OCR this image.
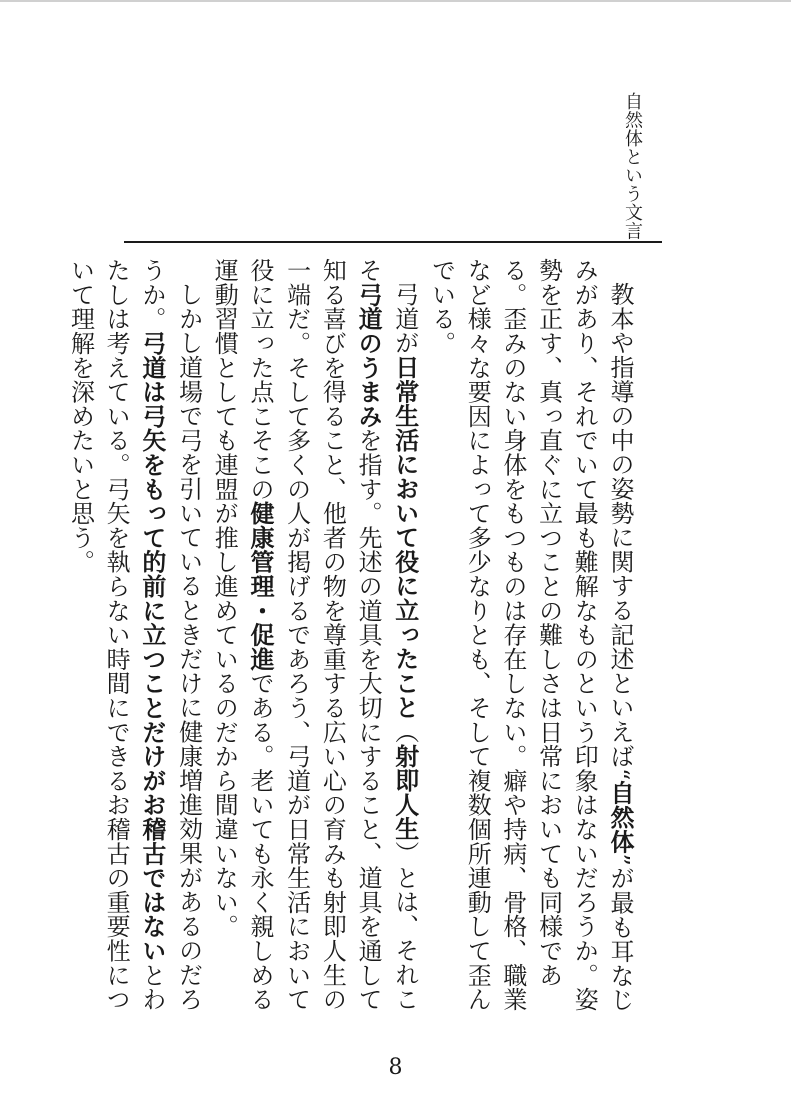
自然体という文言

教本や指導の中の姿勢に関する記述といえば“自然体”が最も耳なじみがあり、それでいて最も難解なものという印象はないだろうか。姿勢を正す、真っ直ぐに立つことの難しさは日常においても同様である。歪みのない身体をもつものは存在しない。癖や持病、骨格、職業など様々な要因によって多少なりとも、そして複数個所連動して歪んでいる。

弓道が日常生活において役に立ったこと（射即人生）とは、それこそ弓道のうまみを指す。先述の道具を大切にすること、道具を通して知る喜びを得ること、他者の物を尊重する広い心の育みも射即人生の一端だ。そして多くの人が掲げるであろう、弓道が日常生活において役に立った点こそこの健康管理・促進である。老いても永く親しめる運動習慣としても連盟が推し進めているのだから間違いない。

しかし道場で弓を引いているときだけに健康増進効果があるのだろうか。弓道は弓矢をもって的前に立つことだけがお稽古ではないとわたしは考えている。弓矢を執らない時間にできるお稽古の重要性について理解を深めたいと思う。

8
